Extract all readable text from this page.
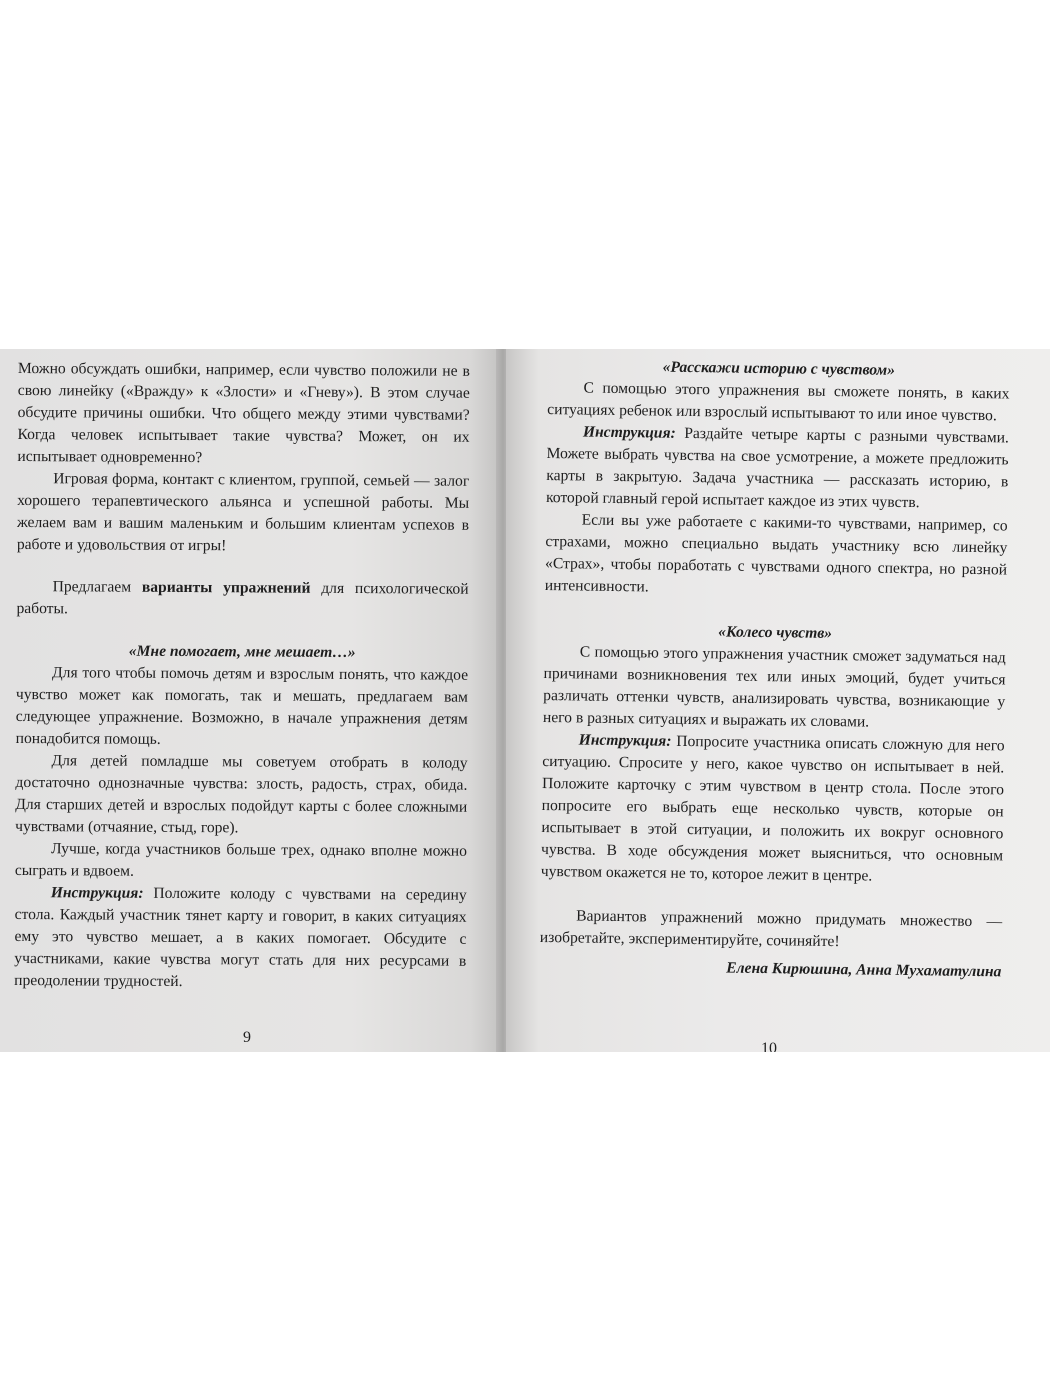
Можно обсуждать ошибки, например, если чувство положили не в свою линейку («Вражду» к «Злости» и «Гневу»). В этом случае обсудите причины ошибки. Что общего между этими чувствами? Когда человек испытывает такие чувства? Может, он их испытывает одновременно?

Игровая форма, контакт с клиентом, группой, семьей — залог хорошего терапевтического альянса и успешной работы. Мы желаем вам и вашим маленьким и большим клиентам успехов в работе и удовольствия от игры!

Предлагаем варианты упражнений для психологической работы.

«Мне помогает, мне мешает…»

Для того чтобы помочь детям и взрослым понять, что каждое чувство может как помогать, так и мешать, предлагаем вам следующее упражнение. Возможно, в начале упражнения детям понадобится помощь.

Для детей помладше мы советуем отобрать в колоду достаточно однозначные чувства: злость, радость, страх, обида. Для старших детей и взрослых подойдут карты с более сложными чувствами (отчаяние, стыд, горе).

Лучше, когда участников больше трех, однако вполне можно сыграть и вдвоем.

Инструкция: Положите колоду с чувствами на середину стола. Каждый участник тянет карту и говорит, в каких ситуациях ему это чувство мешает, а в каких помогает. Обсудите с участниками, какие чувства могут стать для них ресурсами в преодолении трудностей.

9
«Расскажи историю с чувством»

С помощью этого упражнения вы сможете понять, в каких ситуациях ребенок или взрослый испытывают то или иное чувство.

Инструкция: Раздайте четыре карты с разными чувствами. Можете выбрать чувства на свое усмотрение, а можете предложить карты в закрытую. Задача участника — рассказать историю, в которой главный герой испытает каждое из этих чувств.

Если вы уже работаете с какими-то чувствами, например, со страхами, можно специально выдать участнику всю линейку «Страх», чтобы поработать с чувствами одного спектра, но разной интенсивности.

«Колесо чувств»

С помощью этого упражнения участник сможет задуматься над причинами возникновения тех или иных эмоций, будет учиться различать оттенки чувств, анализировать чувства, возникающие у него в разных ситуациях и выражать их словами.

Инструкция: Попросите участника описать сложную для него ситуацию. Спросите у него, какое чувство он испытывает в ней. Положите карточку с этим чувством в центр стола. После этого попросите его выбрать еще несколько чувств, которые он испытывает в этой ситуации, и положить их вокруг основного чувства. В ходе обсуждения может выясниться, что основным чувством окажется не то, которое лежит в центре.

Вариантов упражнений можно придумать множество — изобретайте, экспериментируйте, сочиняйте!

Елена Кирюшина, Анна Мухаматулина
10
